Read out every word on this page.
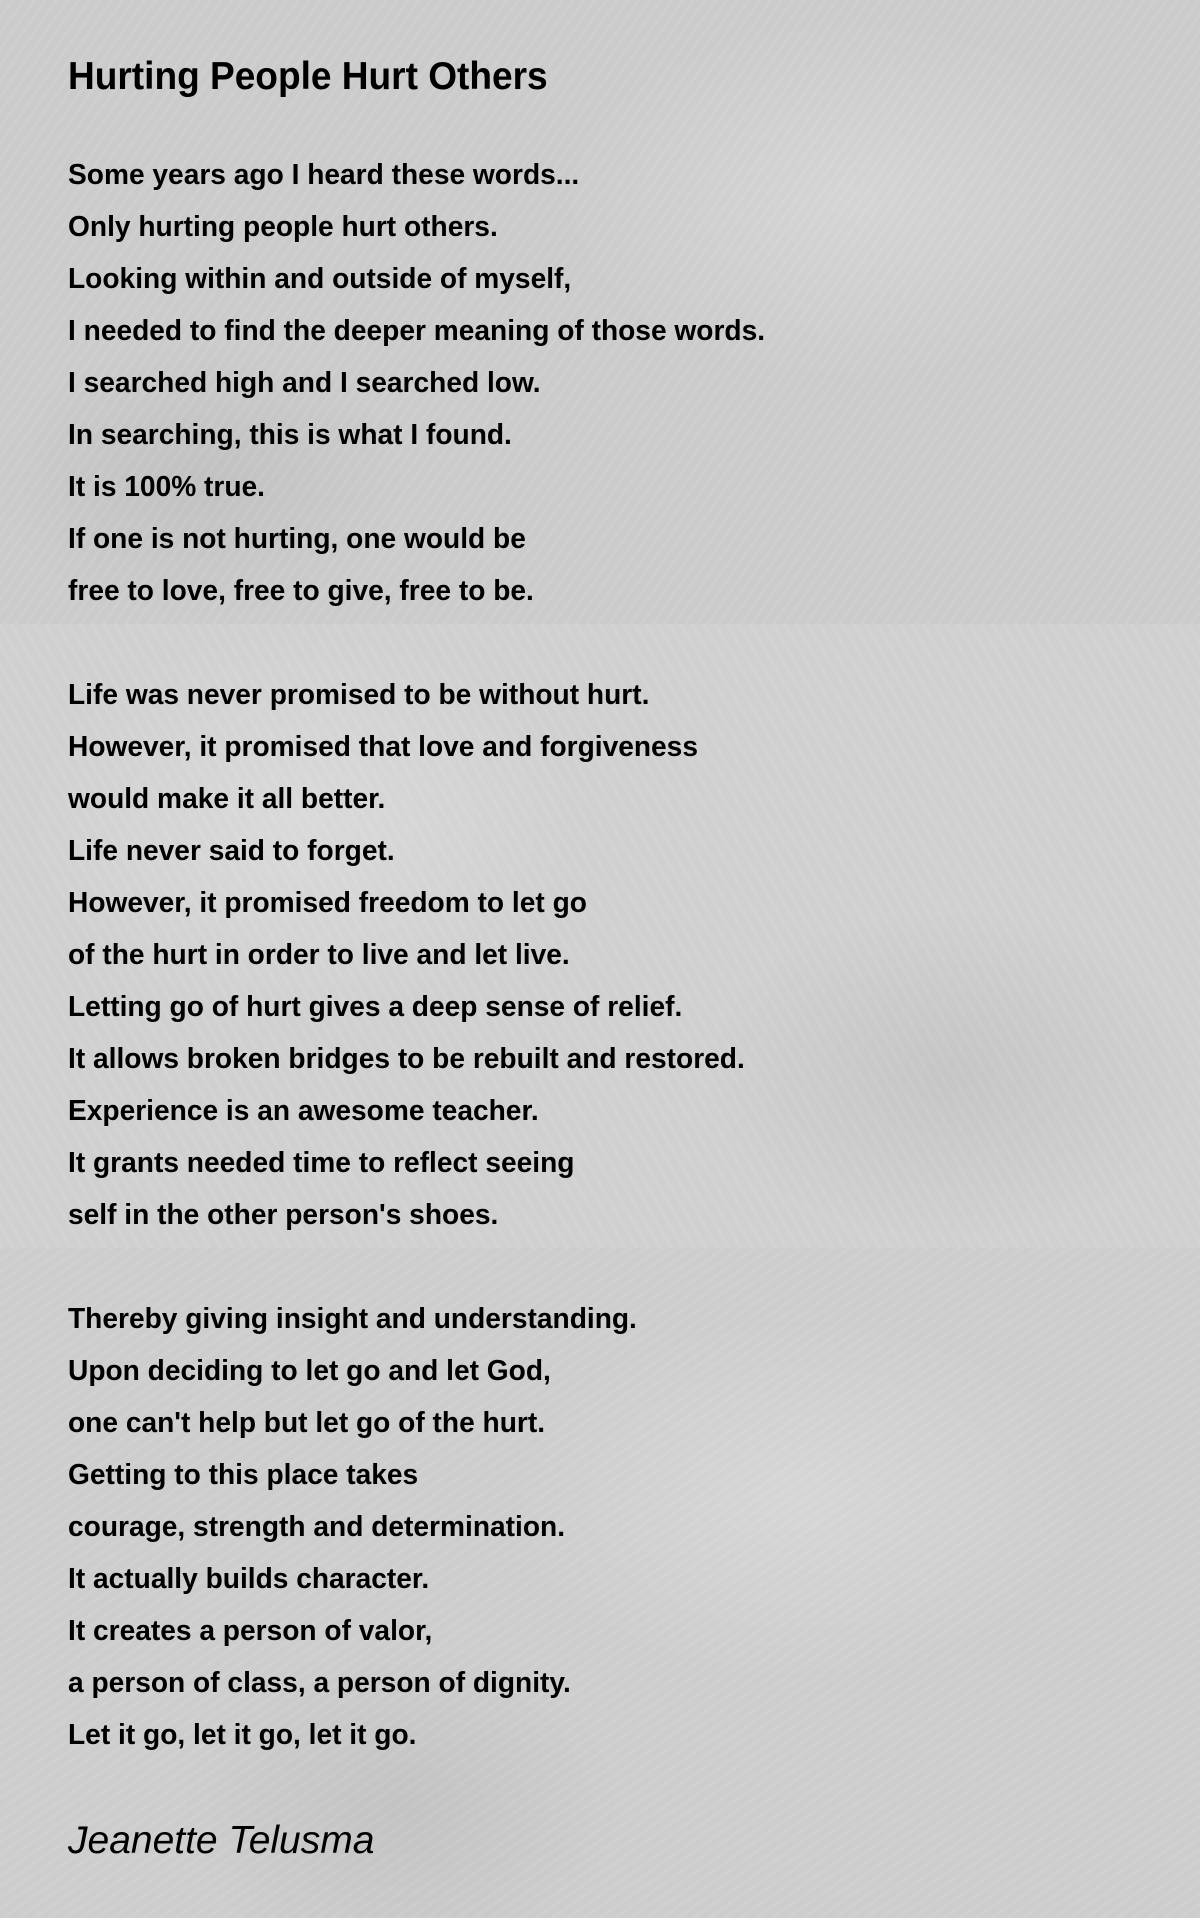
Hurting People Hurt Others
Some years ago I heard these words...
Only hurting people hurt others.
Looking within and outside of myself,
I needed to find the deeper meaning of those words.
I searched high and I searched low.
In searching, this is what I found.
It is 100% true.
If one is not hurting, one would be
free to love, free to give, free to be.
Life was never promised to be without hurt.
However, it promised that love and forgiveness
would make it all better.
Life never said to forget.
However, it promised freedom to let go
of the hurt in order to live and let live.
Letting go of hurt gives a deep sense of relief.
It allows broken bridges to be rebuilt and restored.
Experience is an awesome teacher.
It grants needed time to reflect seeing
self in the other person's shoes.
Thereby giving insight and understanding.
Upon deciding to let go and let God,
one can't help but let go of the hurt.
Getting to this place takes
courage, strength and determination.
It actually builds character.
It creates a person of valor,
a person of class, a person of dignity.
Let it go, let it go, let it go.

Jeanette Telusma
